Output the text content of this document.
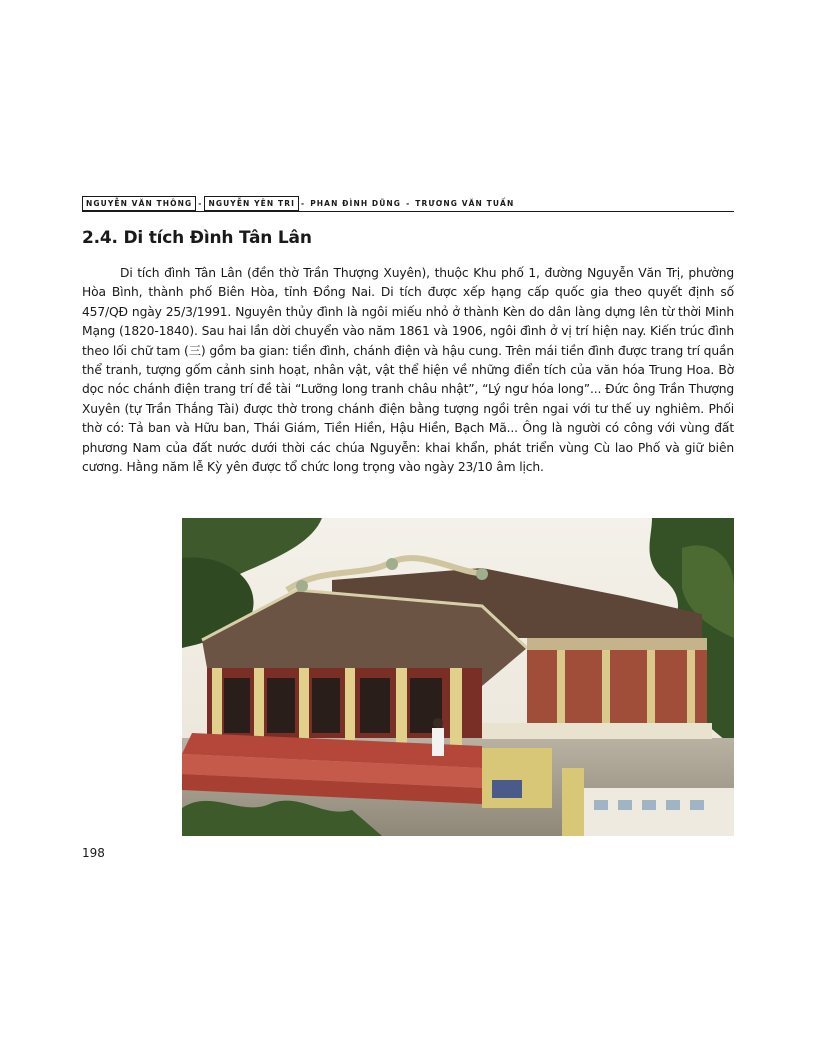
NGUYỄN VĂN THÔNG - NGUYỄN YÊN TRI - PHAN ĐÌNH DŨNG - TRƯƠNG VĂN TUẤN
2.4. Di tích Đình Tân Lân

Di tích đình Tân Lân (đền thờ Trần Thượng Xuyên), thuộc Khu phố 1, đường Nguyễn Văn Trị, phường Hòa Bình, thành phố Biên Hòa, tỉnh Đồng Nai. Di tích được xếp hạng cấp quốc gia theo quyết định số 457/QĐ ngày 25/3/1991. Nguyên thủy đình là ngôi miếu nhỏ ở thành Kèn do dân làng dựng lên từ thời Minh Mạng (1820-1840). Sau hai lần dời chuyển vào năm 1861 và 1906, ngôi đình ở vị trí hiện nay. Kiến trúc đình theo lối chữ tam (三) gồm ba gian: tiền đình, chánh điện và hậu cung. Trên mái tiền đình được trang trí quần thể tranh, tượng gốm cảnh sinh hoạt, nhân vật, vật thể hiện về những điển tích của văn hóa Trung Hoa. Bờ dọc nóc chánh điện trang trí đề tài “Lưỡng long tranh châu nhật”, “Lý ngư hóa long”... Đức ông Trần Thượng Xuyên (tự Trần Thắng Tài) được thờ trong chánh điện bằng tượng ngồi trên ngai với tư thế uy nghiêm. Phối thờ có: Tả ban và Hữu ban, Thái Giám, Tiền Hiền, Hậu Hiền, Bạch Mã... Ông là người có công với vùng đất phương Nam của đất nước dưới thời các chúa Nguyễn: khai khẩn, phát triển vùng Cù lao Phố và giữ biên cương. Hằng năm lễ Kỳ yên được tổ chức long trọng vào ngày 23/10 âm lịch.

198
